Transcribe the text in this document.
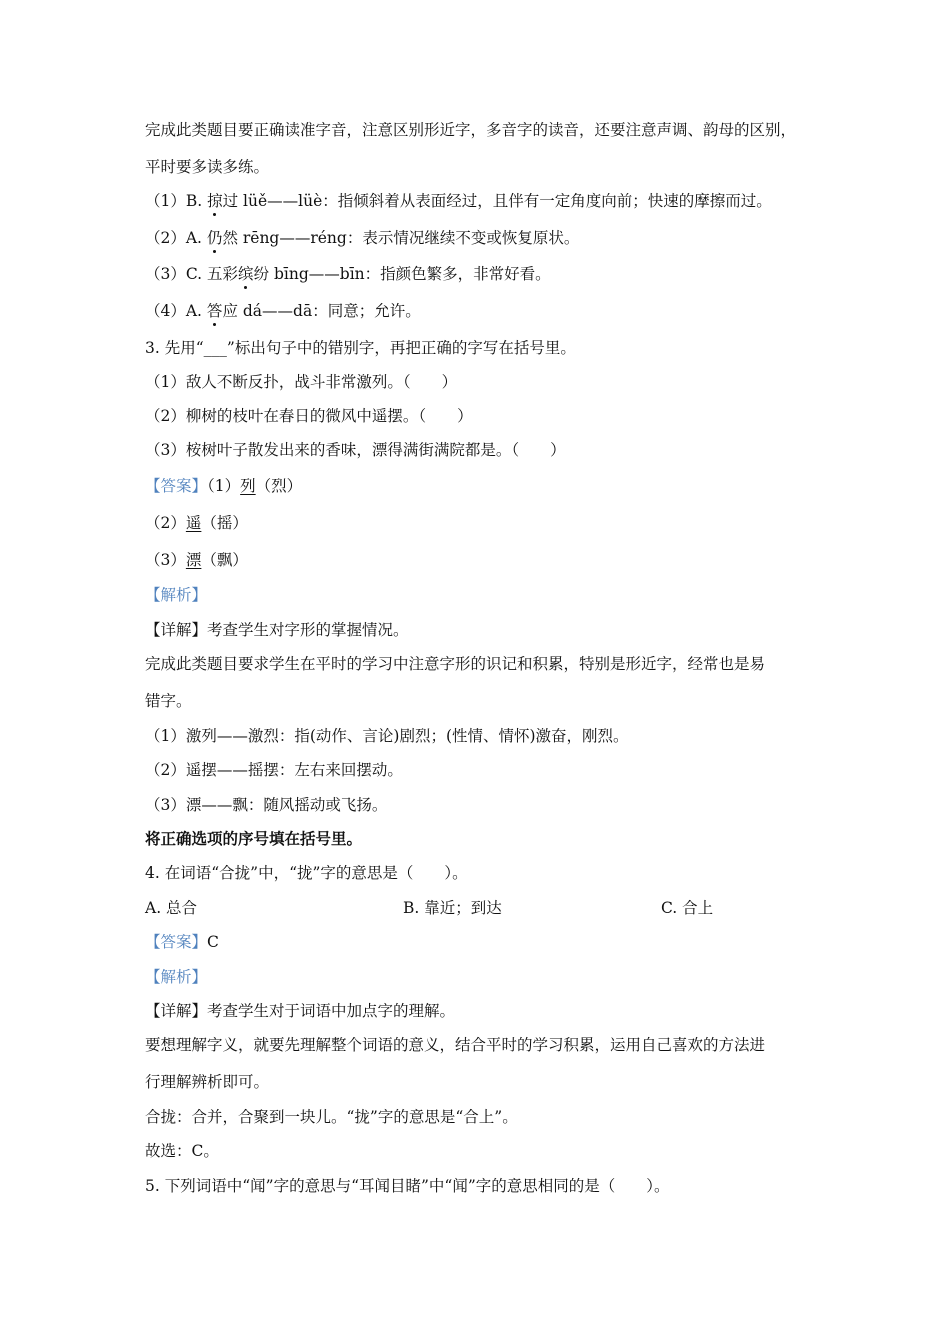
完成此类题目要正确读准字音，注意区别形近字，多音字的读音，还要注意声调、韵母的区别，
平时要多读多练。
（1）B. 掠过 lüě——lüè：指倾斜着从表面经过，且伴有一定角度向前；快速的摩擦而过。
（2）A. 仍然 rēng——réng：表示情况继续不变或恢复原状。
（3）C. 五彩缤纷 bīng——bīn：指颜色繁多，非常好看。
（4）A. 答应 dá——dā：同意；允许。
3. 先用“___”标出句子中的错别字，再把正确的字写在括号里。
（1）敌人不断反扑，战斗非常激列。（　　）
（2）柳树的枝叶在春日的微风中遥摆。（　　）
（3）桉树叶子散发出来的香味，漂得满街满院都是。（　　）
【答案】（1）列（烈）
（2）遥（摇）
（3）漂（飘）
【解析】
【详解】考查学生对字形的掌握情况。
完成此类题目要求学生在平时的学习中注意字形的识记和积累，特别是形近字，经常也是易
错字。
（1）激列——激烈：指(动作、言论)剧烈；(性情、情怀)激奋，刚烈。
（2）遥摆——摇摆：左右来回摆动。
（3）漂——飘：随风摇动或飞扬。
将正确选项的序号填在括号里。
4. 在词语“合拢”中，“拢”字的意思是（　　）。
A. 总合	B. 靠近；到达	C. 合上
【答案】C
【解析】
【详解】考查学生对于词语中加点字的理解。
要想理解字义，就要先理解整个词语的意义，结合平时的学习积累，运用自己喜欢的方法进
行理解辨析即可。
合拢：合并，合聚到一块儿。“拢”字的意思是“合上”。
故选：C。
5. 下列词语中“闻”字的意思与“耳闻目睹”中“闻”字的意思相同的是（　　）。
